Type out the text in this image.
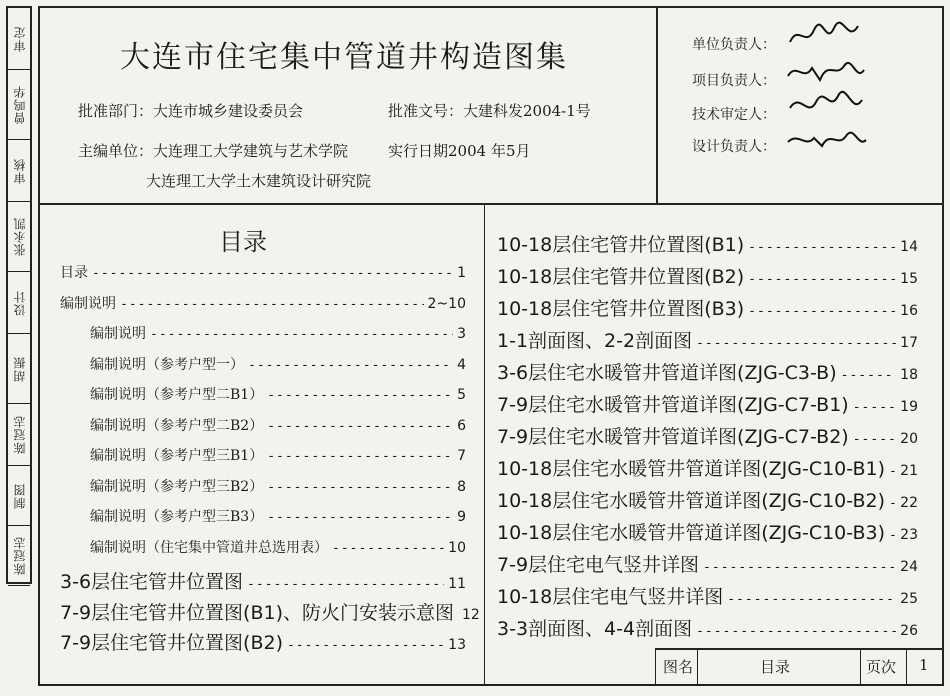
审定
曾鸣华
审核
张永凯
设计
胡振
陈冠志
制图
陈冠志
大连市住宅集中管道井构造图集
批准部门：大连市城乡建设委员会	批准文号：大建科发2004-1号
主编单位：大连理工大学建筑与艺术学院	实行日期2004 年5月
大连理工大学土木建筑设计研究院
单位负责人：
项目负责人：
技术审定人：
设计负责人：
目录
目录 -----	1
编制说明 -----	2~10
编制说明 -----	3
编制说明（参考户型一） -----	4
编制说明（参考户型二B1） -----	5
编制说明（参考户型二B2） -----	6
编制说明（参考户型三B1） -----	7
编制说明（参考户型三B2） -----	8
编制说明（参考户型三B3） -----	9
编制说明（住宅集中管道井总选用表） -----	10
3-6层住宅管井位置图 -----	11
7-9层住宅管井位置图(B1)、防火门安装示意图 12
7-9层住宅管井位置图(B2) -----	13
10-18层住宅管井位置图(B1) -----	14
10-18层住宅管井位置图(B2) -----	15
10-18层住宅管井位置图(B3) -----	16
1-1剖面图、2-2剖面图 -----	17
3-6层住宅水暖管井管道详图(ZJG-C3-B) -----	18
7-9层住宅水暖管井管道详图(ZJG-C7-B1) -----	19
7-9层住宅水暖管井管道详图(ZJG-C7-B2) -----	20
10-18层住宅水暖管井管道详图(ZJG-C10-B1) ----- 21
10-18层住宅水暖管井管道详图(ZJG-C10-B2) ----- 22
10-18层住宅水暖管井管道详图(ZJG-C10-B3) ----- 23
7-9层住宅电气竖井详图 -----	24
10-18层住宅电气竖井详图 -----	25
3-3剖面图、4-4剖面图 -----	26
图名	目录	页次 1
